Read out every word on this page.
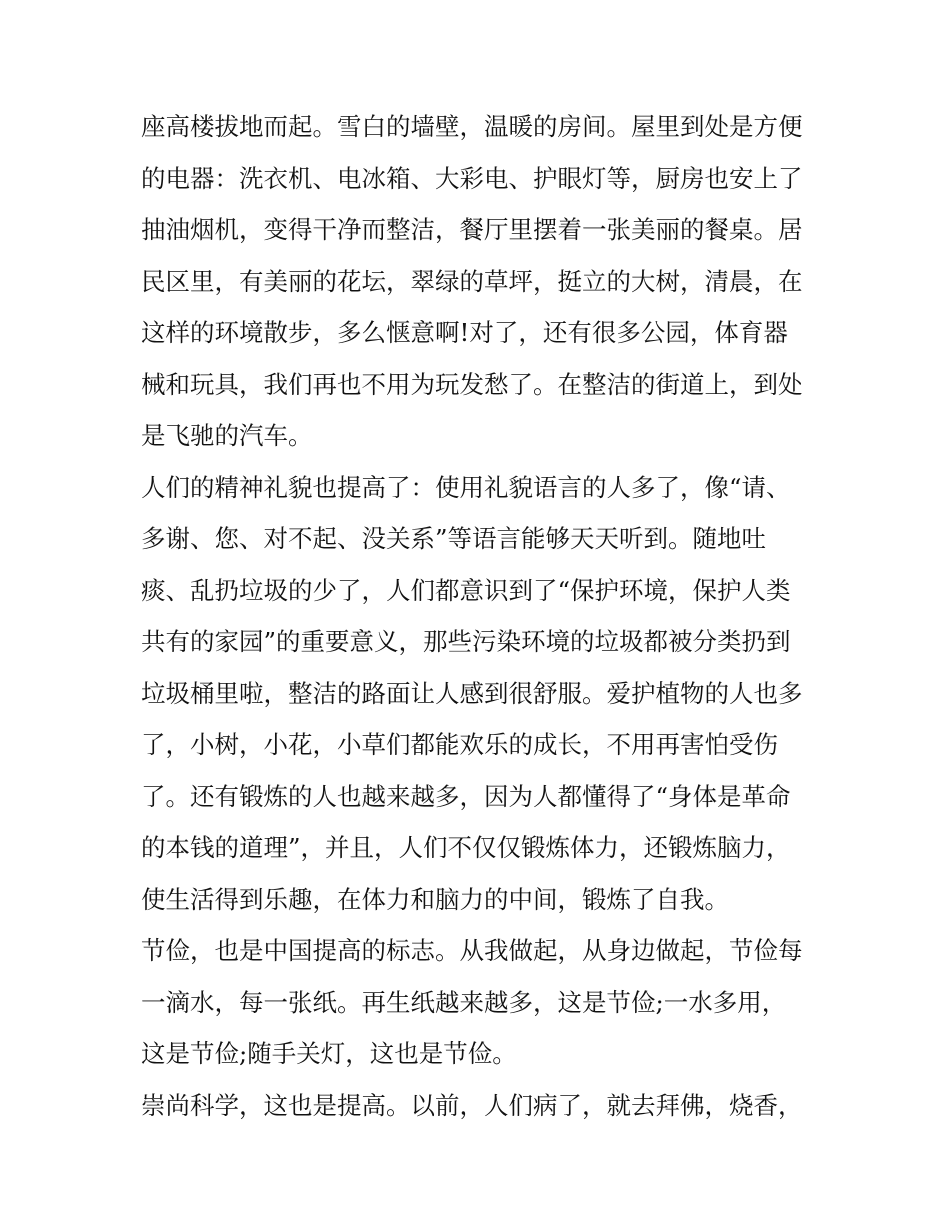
座高楼拔地而起。雪白的墙壁，温暖的房间。屋里到处是方便
的电器：洗衣机、电冰箱、大彩电、护眼灯等，厨房也安上了
抽油烟机，变得干净而整洁，餐厅里摆着一张美丽的餐桌。居
民区里，有美丽的花坛，翠绿的草坪，挺立的大树，清晨，在
这样的环境散步，多么惬意啊!对了，还有很多公园，体育器
械和玩具，我们再也不用为玩发愁了。在整洁的街道上，到处
是飞驰的汽车。
人们的精神礼貌也提高了：使用礼貌语言的人多了，像“请、
多谢、您、对不起、没关系”等语言能够天天听到。随地吐
痰、乱扔垃圾的少了，人们都意识到了“保护环境，保护人类
共有的家园”的重要意义，那些污染环境的垃圾都被分类扔到
垃圾桶里啦，整洁的路面让人感到很舒服。爱护植物的人也多
了，小树，小花，小草们都能欢乐的成长，不用再害怕受伤
了。还有锻炼的人也越来越多，因为人都懂得了“身体是革命
的本钱的道理”，并且，人们不仅仅锻炼体力，还锻炼脑力，
使生活得到乐趣，在体力和脑力的中间，锻炼了自我。
节俭，也是中国提高的标志。从我做起，从身边做起，节俭每
一滴水，每一张纸。再生纸越来越多，这是节俭;一水多用，
这是节俭;随手关灯，这也是节俭。
崇尚科学，这也是提高。以前，人们病了，就去拜佛，烧香，
